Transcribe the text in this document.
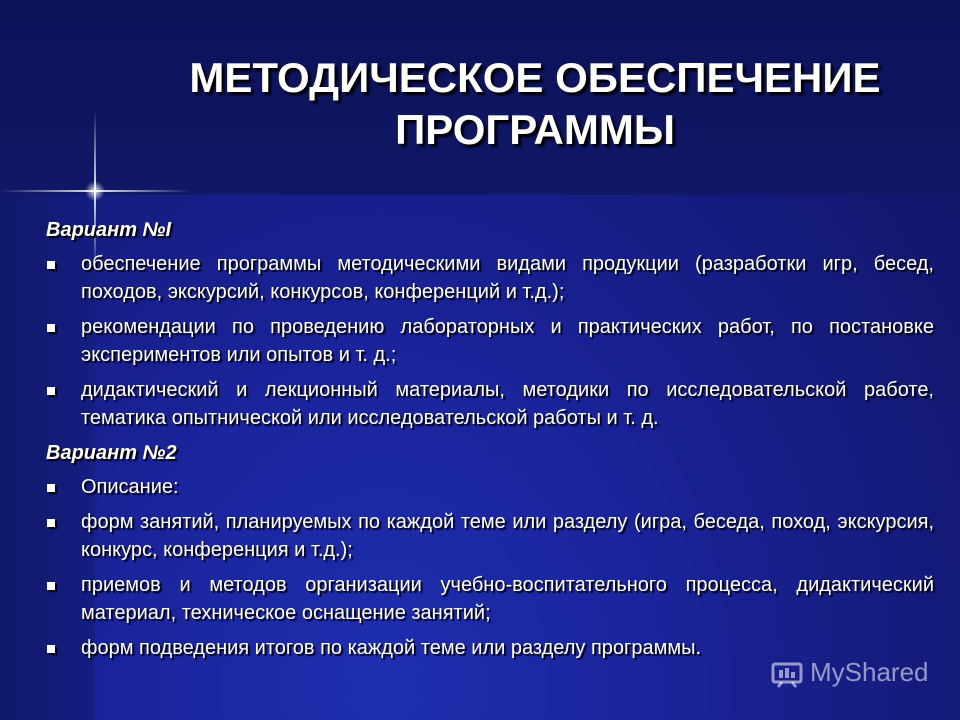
МЕТОДИЧЕСКОЕ ОБЕСПЕЧЕНИЕ ПРОГРАММЫ
Вариант №I
обеспечение программы методическими видами продукции (разработки игр, бесед, походов, экскурсий, конкурсов, конференций и т.д.);
рекомендации по проведению лабораторных и практических работ, по постановке экспериментов или опытов и т. д.;
дидактический и лекционный материалы, методики по исследовательской работе, тематика опытнической или исследовательской работы и т. д.
Вариант №2
Описание:
форм занятий, планируемых по каждой теме или разделу (игра, беседа, поход, экскурсия, конкурс, конференция и т.д.);
приемов и методов организации учебно-воспитательного процесса, дидактический материал, техническое оснащение занятий;
форм подведения итогов по каждой теме или разделу программы.
MyShared
